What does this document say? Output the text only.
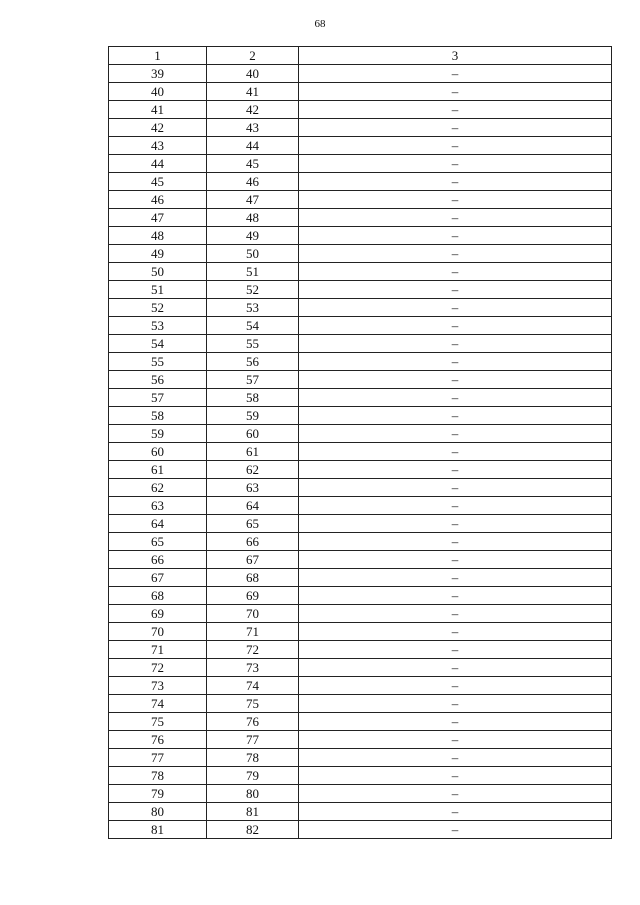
68
1	2	3
39	40	–
40	41	–
41	42	–
42	43	–
43	44	–
44	45	–
45	46	–
46	47	–
47	48	–
48	49	–
49	50	–
50	51	–
51	52	–
52	53	–
53	54	–
54	55	–
55	56	–
56	57	–
57	58	–
58	59	–
59	60	–
60	61	–
61	62	–
62	63	–
63	64	–
64	65	–
65	66	–
66	67	–
67	68	–
68	69	–
69	70	–
70	71	–
71	72	–
72	73	–
73	74	–
74	75	–
75	76	–
76	77	–
77	78	–
78	79	–
79	80	–
80	81	–
81	82	–
